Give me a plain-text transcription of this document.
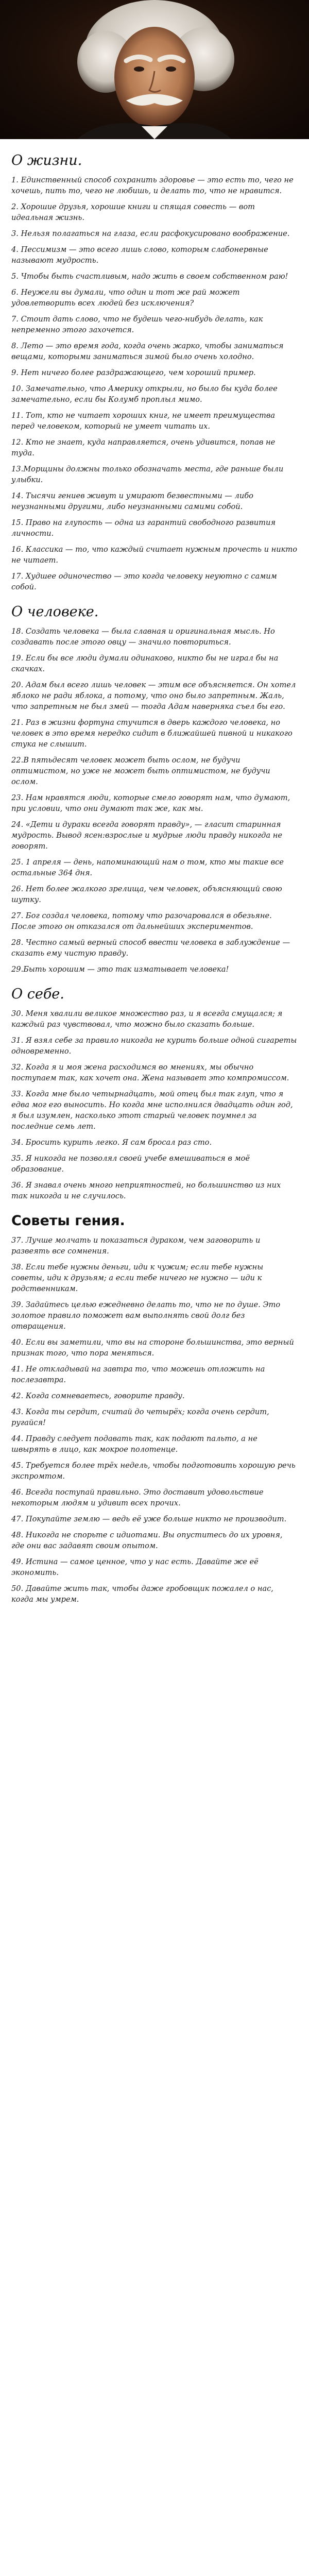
О жизни.

1. Единственный способ сохранить здоровье — это есть то, чего не хочешь, пить то, чего не любишь, и делать то, что не нравится.

2. Хорошие друзья, хорошие книги и спящая совесть — вот идеальная жизнь.

3. Нельзя полагаться на глаза, если расфокусировано воображение.

4. Пессимизм — это всего лишь слово, которым слабонервные называют мудрость.

5. Чтобы быть счастливым, надо жить в своем собственном раю!

6. Неужели вы думали, что один и тот же рай может удовлетворить всех людей без исключения?

7. Стоит дать слово, что не будешь чего-нибудь делать, как непременно этого захочется.

8. Лето — это время года, когда очень жарко, чтобы заниматься вещами, которыми заниматься зимой было очень холодно.

9. Нет ничего более раздражающего, чем хороший пример.

10. Замечательно, что Америку открыли, но было бы куда более замечательно, если бы Колумб проплыл мимо.

11. Тот, кто не читает хороших книг, не имеет преимущества перед человеком, который не умеет читать их.

12. Кто не знает, куда направляется, очень удивится, попав не туда.

13.Морщины должны только обозначать места, где раньше были улыбки.

14. Тысячи гениев живут и умирают безвестными — либо неузнанными другими, либо неузнанными самими собой.

15. Право на глупость — одна из гарантий свободного развития личности.

16. Классика — то, что каждый считает нужным прочесть и никто не читает.

17. Худшее одиночество — это когда человеку неуютно с самим собой.

О человеке.

18. Создать человека — была славная и оригинальная мысль. Но создавать после этого овцу — значило повториться.

19. Если бы все люди думали одинаково, никто бы не играл бы на скачках.

20. Адам был всего лишь человек — этим все объясняется. Он хотел яблоко не ради яблока, а потому, что оно было запретным. Жаль, что запретным не был змей — тогда Адам наверняка съел бы его.

21. Раз в жизни фортуна стучится в дверь каждого человека, но человек в это время нередко сидит в ближайшей пивной и никакого стука не слышит.

22.В пятьдесят человек может быть ослом, не будучи оптимистом, но уже не может быть оптимистом, не будучи ослом.

23. Нам нравятся люди, которые смело говорят нам, что думают, при условии, что они думают так же, как мы.

24. «Дети и дураки всегда говорят правду», — гласит старинная мудрость. Вывод ясен:взрослые и мудрые люди правду никогда не говорят.

25. 1 апреля — день, напоминающий нам о том, кто мы такие все остальные 364 дня.

26. Нет более жалкого зрелища, чем человек, объясняющий свою шутку.

27. Бог создал человека, потому что разочаровался в обезьяне. После этого он отказался от дальнейших экспериментов.

28. Честно самый верный способ ввести человека в заблуждение — сказать ему чистую правду.

29.Быть хорошим — это так изматывает человека!

О себе.

30. Меня хвалили великое множество раз, и я всегда смущался; я каждый раз чувствовал, что можно было сказать больше.

31. Я взял себе за правило никогда не курить больше одной сигареты одновременно.

32. Когда я и моя жена расходимся во мнениях, мы обычно поступаем так, как хочет она. Жена называет это компромиссом.

33. Когда мне было четырнадцать, мой отец был так глуп, что я едва мог его выносить. Но когда мне исполнился двадцать один год, я был изумлен, насколько этот старый человек поумнел за последние семь лет.

34. Бросить курить легко. Я сам бросал раз сто.

35. Я никогда не позволял своей учебе вмешиваться в моё образование.

36. Я знавал очень много неприятностей, но большинство из них так никогда и не случилось.

Советы гения.

37. Лучше молчать и показаться дураком, чем заговорить и развеять все сомнения.

38. Если тебе нужны деньги, иди к чужим; если тебе нужны советы, иди к друзьям; а если тебе ничего не нужно — иди к родственникам.

39. Задайтесь целью ежедневно делать то, что не по душе. Это золотое правило поможет вам выполнять свой долг без отвращения.

40. Если вы заметили, что вы на стороне большинства, это верный признак того, что пора меняться.

41. Не откладывай на завтра то, что можешь отложить на послезавтра.

42. Когда сомневаетесь, говорите правду.

43. Когда ты сердит, считай до четырёх; когда очень сердит, ругайся!

44. Правду следует подавать так, как подают пальто, а не швырять в лицо, как мокрое полотенце.

45. Требуется более трёх недель, чтобы подготовить хорошую речь экспромтом.

46. Всегда поступай правильно. Это доставит удовольствие некоторым людям и удивит всех прочих.

47. Покупайте землю — ведь её уже больше никто не производит.

48. Никогда не спорьте с идиотами. Вы опуститесь до их уровня, где они вас задавят своим опытом.

49. Истина — самое ценное, что у нас есть. Давайте же её экономить.

50. Давайте жить так, чтобы даже гробовщик пожалел о нас, когда мы умрем.
